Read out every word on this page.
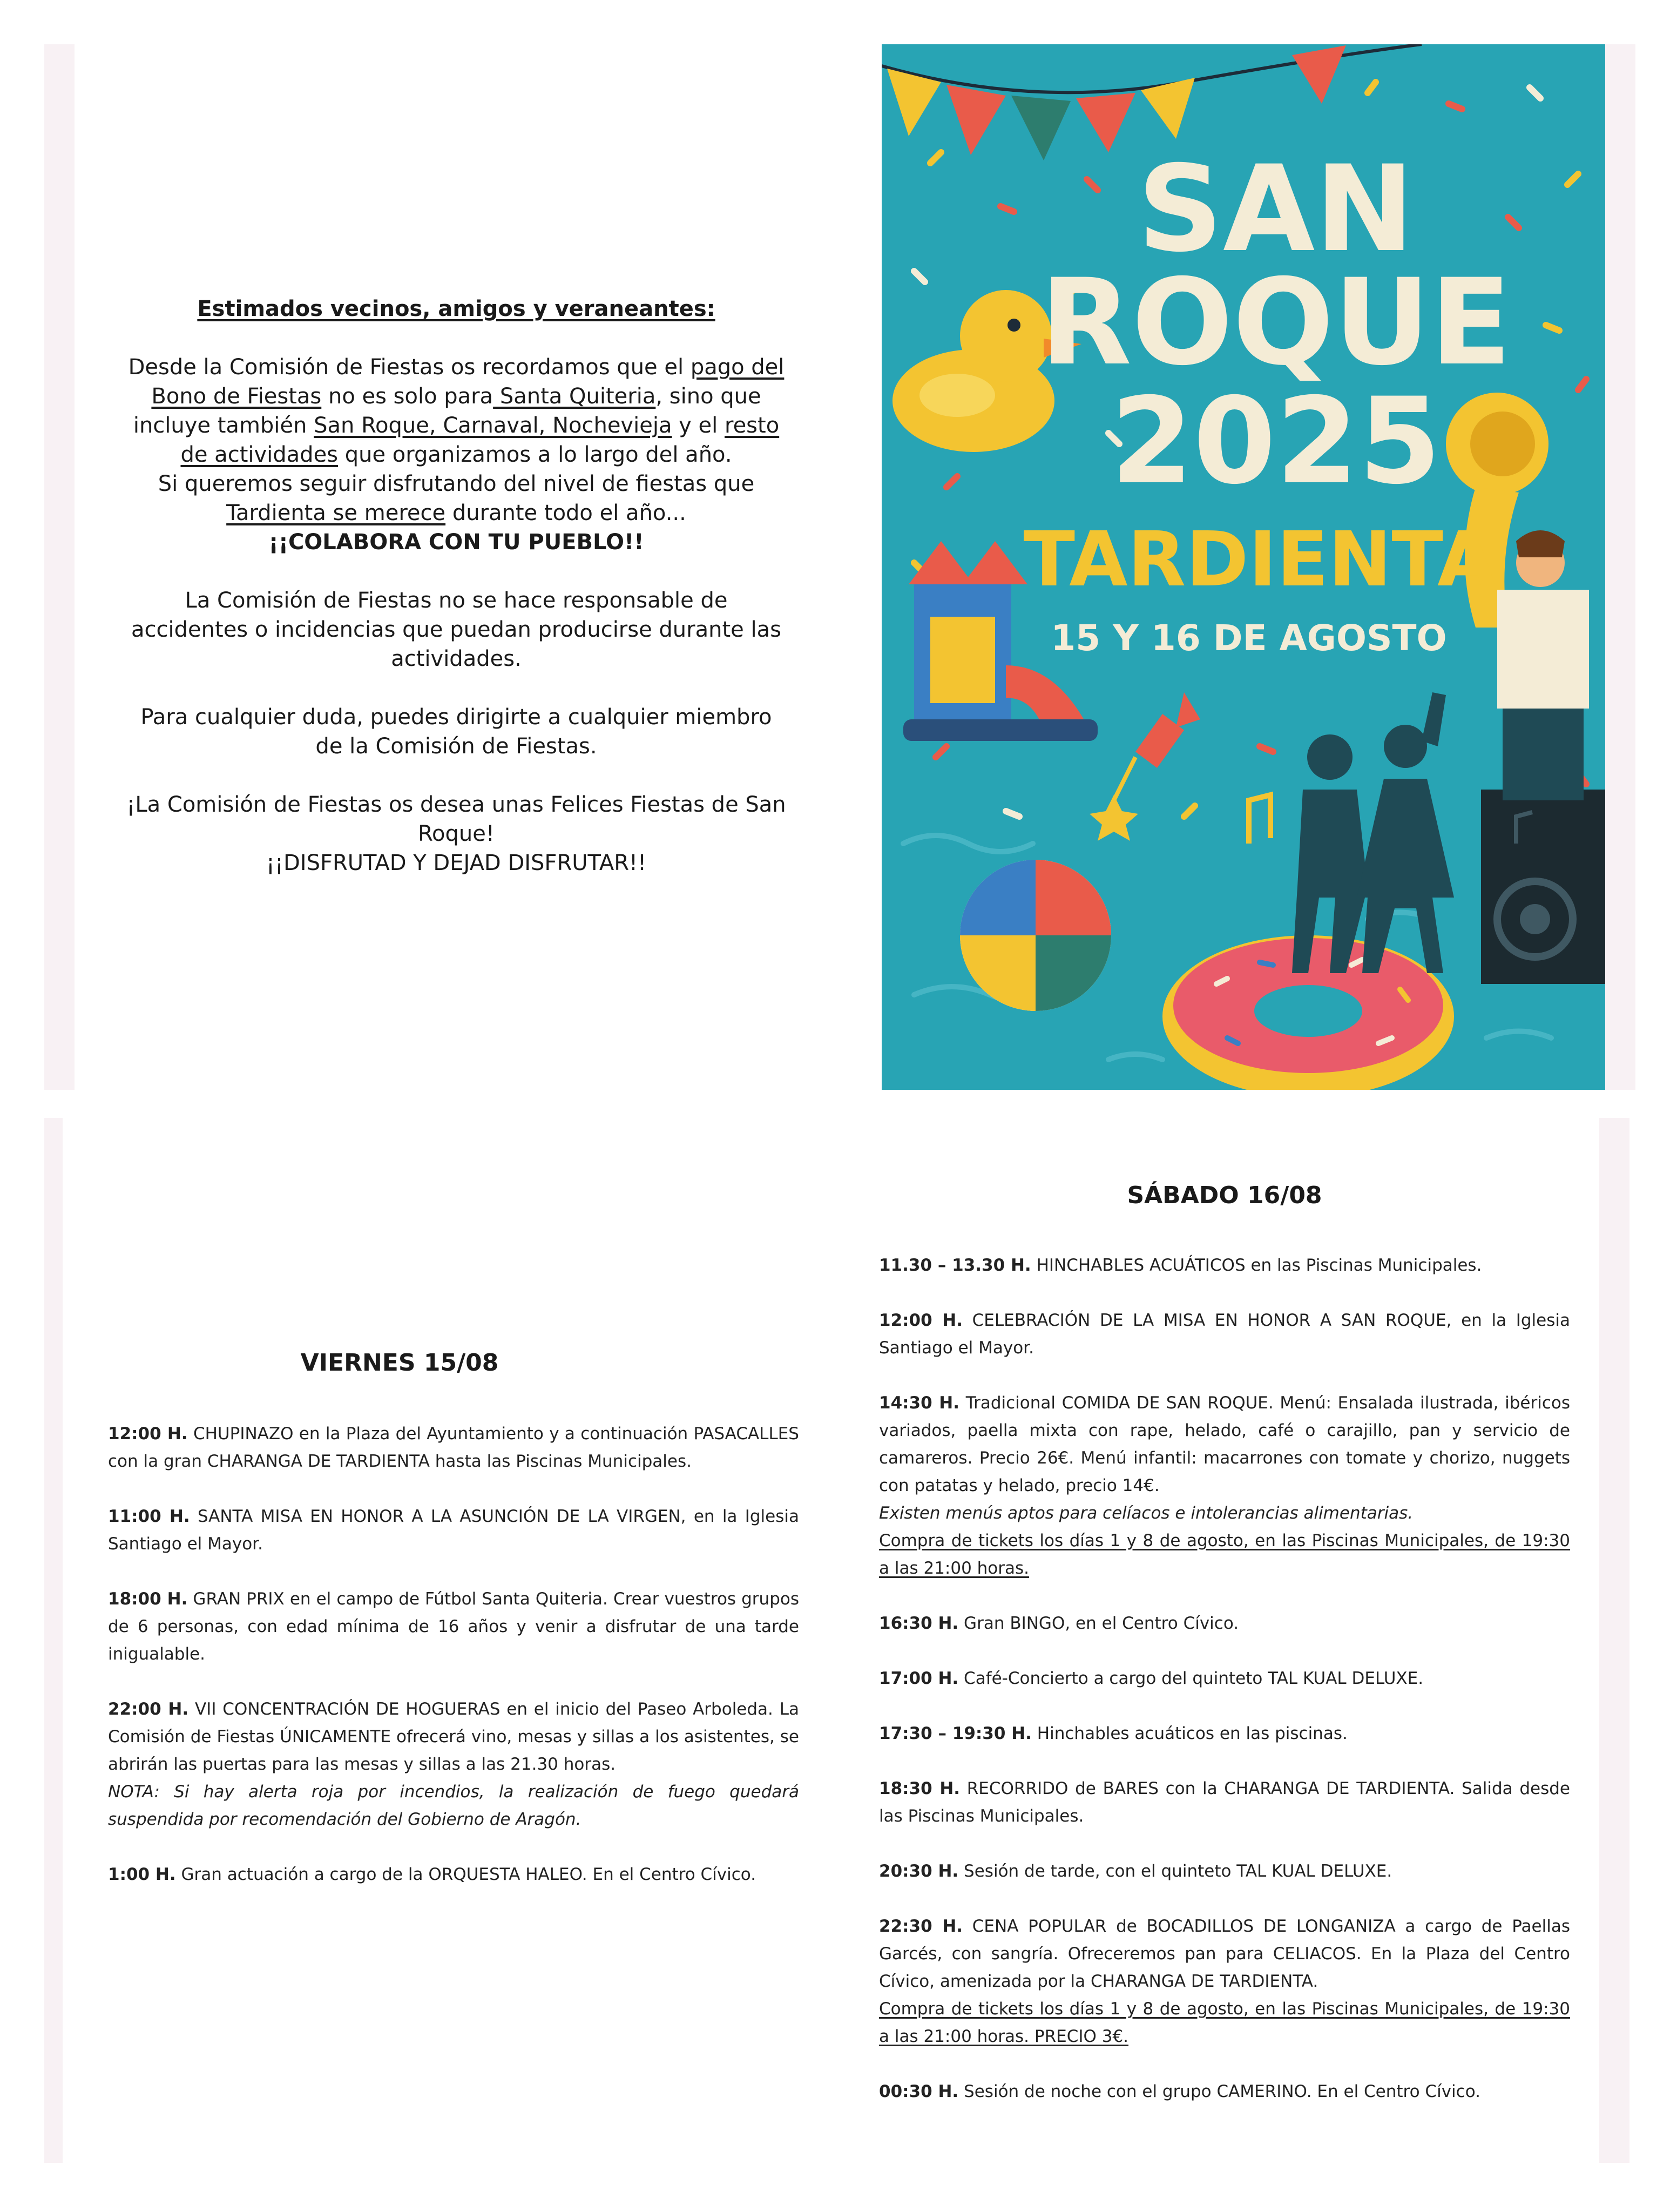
Estimados vecinos, amigos y veraneantes:

Desde la Comisión de Fiestas os recordamos que el pago del Bono de Fiestas no es solo para Santa Quiteria, sino que incluye también San Roque, Carnaval, Nochevieja y el resto de actividades que organizamos a lo largo del año.
Si queremos seguir disfrutando del nivel de fiestas que Tardienta se merece durante todo el año...
¡¡COLABORA CON TU PUEBLO!!

La Comisión de Fiestas no se hace responsable de accidentes o incidencias que puedan producirse durante las actividades.

Para cualquier duda, puedes dirigirte a cualquier miembro de la Comisión de Fiestas.

¡La Comisión de Fiestas os desea unas Felices Fiestas de San Roque!

¡¡DISFRUTAD Y DEJAD DISFRUTAR!!

SAN
ROQUE
2025
TARDIENTA
15 Y 16 DE AGOSTO
VIERNES 15/08

12:00 H. CHUPINAZO en la Plaza del Ayuntamiento y a continuación PASACALLES con la gran CHARANGA DE TARDIENTA hasta las Piscinas Municipales.

11:00 H. SANTA MISA EN HONOR A LA ASUNCIÓN DE LA VIRGEN, en la Iglesia Santiago el Mayor.

18:00 H. GRAN PRIX en el campo de Fútbol Santa Quiteria. Crear vuestros grupos de 6 personas, con edad mínima de 16 años y venir a disfrutar de una tarde inigualable.

22:00 H. VII CONCENTRACIÓN DE HOGUERAS en el inicio del Paseo Arboleda. La Comisión de Fiestas ÚNICAMENTE ofrecerá vino, mesas y sillas a los asistentes, se abrirán las puertas para las mesas y sillas a las 21.30 horas.

NOTA: Si hay alerta roja por incendios, la realización de fuego quedará suspendida por recomendación del Gobierno de Aragón.

1:00 H. Gran actuación a cargo de la ORQUESTA HALEO. En el Centro Cívico.

SÁBADO 16/08

11.30 – 13.30 H. HINCHABLES ACUÁTICOS en las Piscinas Municipales.

12:00 H. CELEBRACIÓN DE LA MISA EN HONOR A SAN ROQUE, en la Iglesia Santiago el Mayor.

14:30 H. Tradicional COMIDA DE SAN ROQUE. Menú: Ensalada ilustrada, ibéricos variados, paella mixta con rape, helado, café o carajillo, pan y servicio de camareros. Precio 26€. Menú infantil: macarrones con tomate y chorizo, nuggets con patatas y helado, precio 14€.

Existen menús aptos para celíacos e intolerancias alimentarias.

Compra de tickets los días 1 y 8 de agosto, en las Piscinas Municipales, de 19:30 a las 21:00 horas.

16:30 H. Gran BINGO, en el Centro Cívico.

17:00 H. Café-Concierto a cargo del quinteto TAL KUAL DELUXE.

17:30 – 19:30 H. Hinchables acuáticos en las piscinas.

18:30 H. RECORRIDO de BARES con la CHARANGA DE TARDIENTA. Salida desde las Piscinas Municipales.

20:30 H. Sesión de tarde, con el quinteto TAL KUAL DELUXE.

22:30 H. CENA POPULAR de BOCADILLOS DE LONGANIZA a cargo de Paellas Garcés, con sangría. Ofreceremos pan para CELIACOS. En la Plaza del Centro Cívico, amenizada por la CHARANGA DE TARDIENTA.

Compra de tickets los días 1 y 8 de agosto, en las Piscinas Municipales, de 19:30 a las 21:00 horas. PRECIO 3€.

00:30 H. Sesión de noche con el grupo CAMERINO. En el Centro Cívico.
